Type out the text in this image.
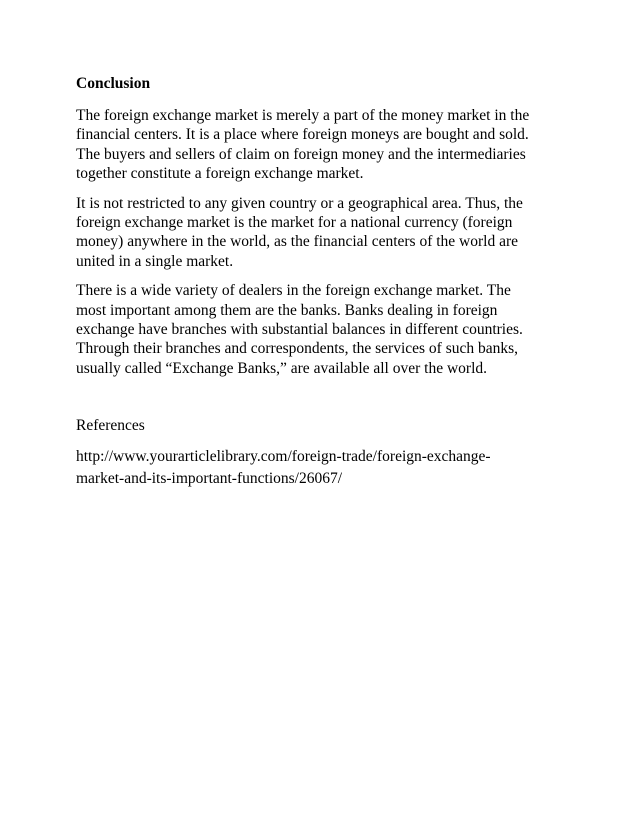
Conclusion
The foreign exchange market is merely a part of the money market in the
financial centers. It is a place where foreign moneys are bought and sold.
The buyers and sellers of claim on foreign money and the intermediaries
together constitute a foreign exchange market.
It is not restricted to any given country or a geographical area. Thus, the
foreign exchange market is the market for a national currency (foreign
money) anywhere in the world, as the financial centers of the world are
united in a single market.
There is a wide variety of dealers in the foreign exchange market. The
most important among them are the banks. Banks dealing in foreign
exchange have branches with substantial balances in different countries.
Through their branches and correspondents, the services of such banks,
usually called “Exchange Banks,” are available all over the world.
References
http://www.yourarticlelibrary.com/foreign-trade/foreign-exchange-
market-and-its-important-functions/26067/
